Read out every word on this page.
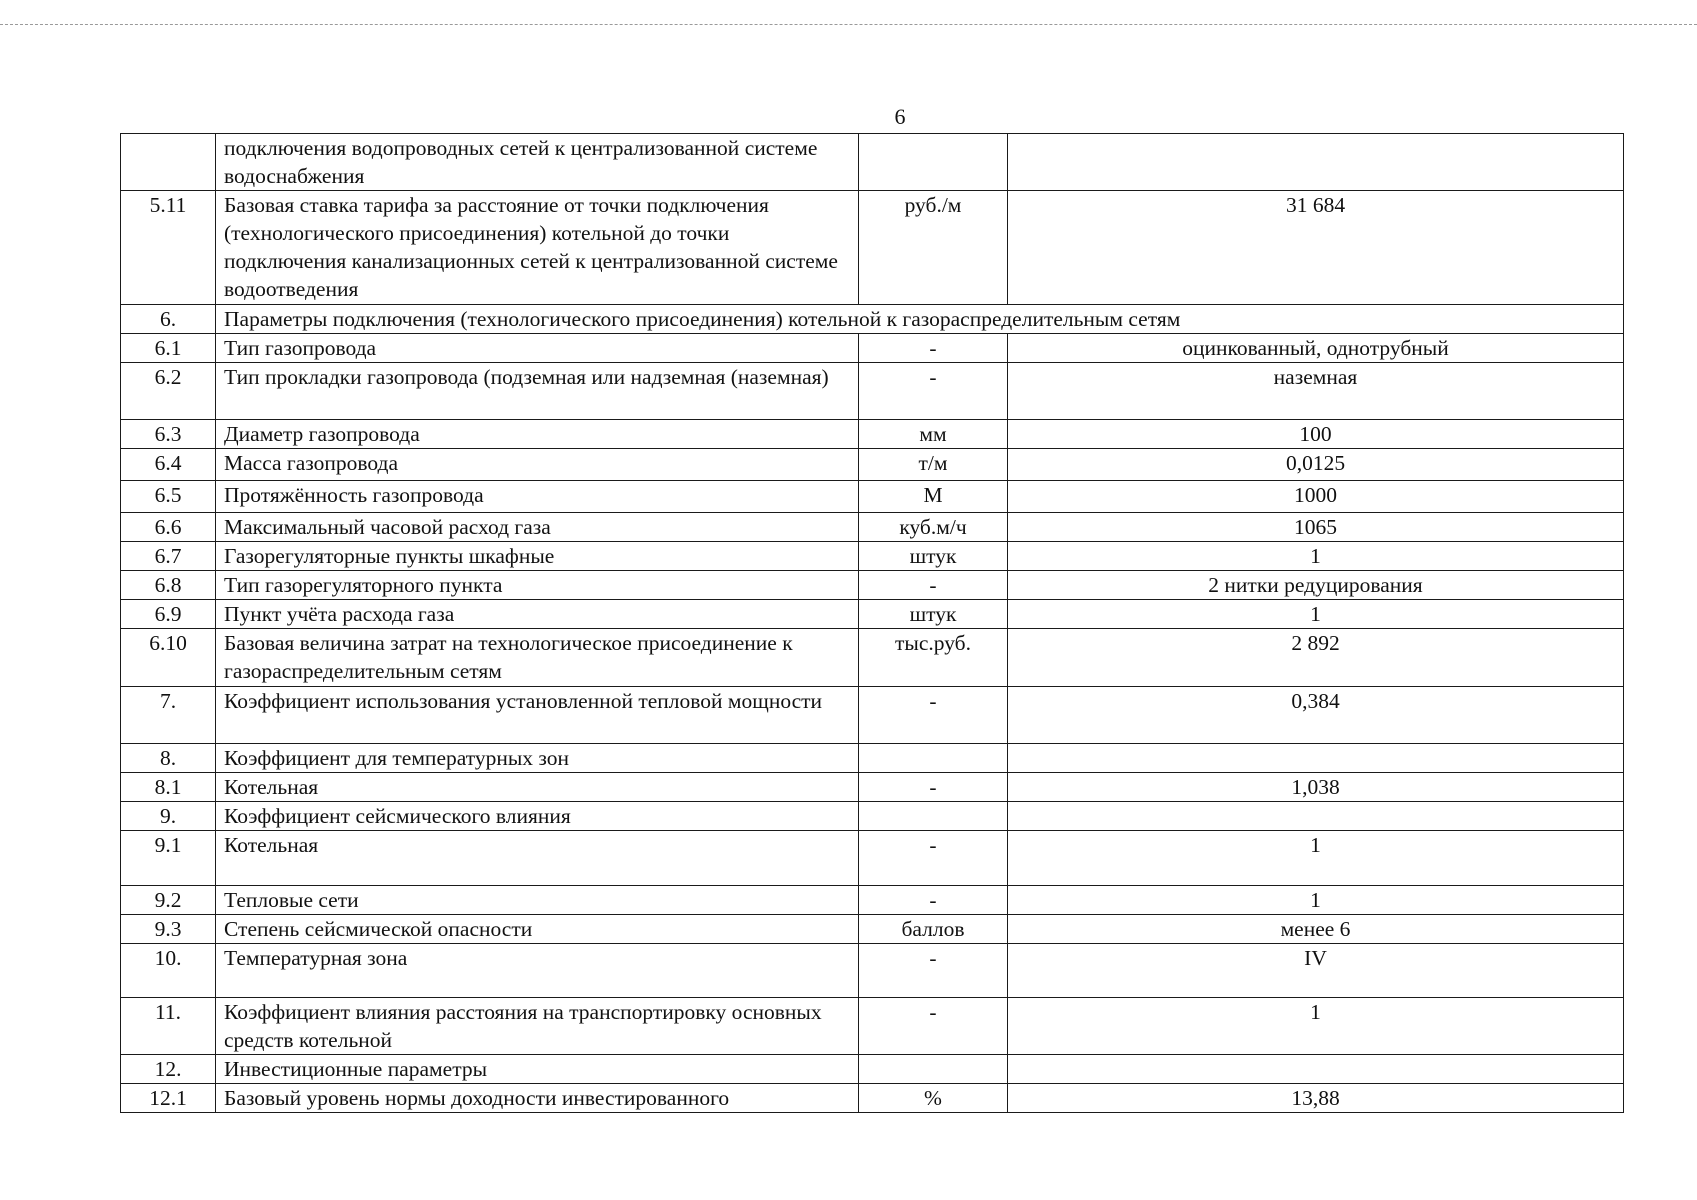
6
	подключения водопроводных сетей к централизованной системе водоснабжения		
5.11	Базовая ставка тарифа за расстояние от точки подключения (технологического присоединения) котельной до точки подключения канализационных сетей к централизованной системе водоотведения	руб./м	31 684
6.	Параметры подключения (технологического присоединения) котельной к газораспределительным сетям		
6.1	Тип газопровода	-	оцинкованный, однотрубный
6.2	Тип прокладки газопровода (подземная или надземная (наземная)	-	наземная
6.3	Диаметр газопровода	мм	100
6.4	Масса газопровода	т/м	0,0125
6.5	Протяжённость газопровода	М	1000
6.6	Максимальный часовой расход газа	куб.м/ч	1065
6.7	Газорегуляторные пункты шкафные	штук	1
6.8	Тип газорегуляторного пункта	-	2 нитки редуцирования
6.9	Пункт учёта расхода газа	штук	1
6.10	Базовая величина затрат на технологическое присоединение к газораспределительным сетям	тыс.руб.	2 892
7.	Коэффициент использования установленной тепловой мощности	-	0,384
8.	Коэффициент для температурных зон		
8.1	Котельная	-	1,038
9.	Коэффициент сейсмического влияния		
9.1	Котельная	-	1
9.2	Тепловые сети	-	1
9.3	Степень сейсмической опасности	баллов	менее 6
10.	Температурная зона	-	IV
11.	Коэффициент влияния расстояния на транспортировку основных средств котельной	-	1
12.	Инвестиционные параметры		
12.1	Базовый уровень нормы доходности инвестированного	%	13,88
